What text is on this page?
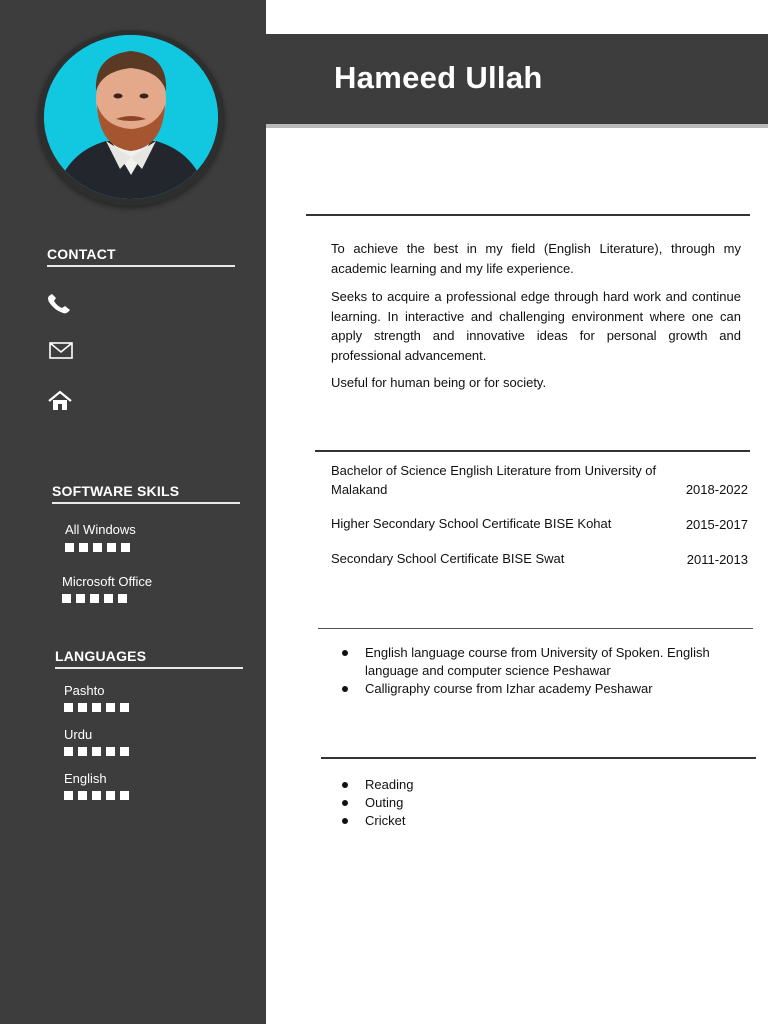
CONTACT
SOFTWARE SKILS
All Windows
Microsoft Office
LANGUAGES
Pashto
Urdu
English
Hameed Ullah

To achieve the best in my field (English Literature), through my academic learning and my life experience.

Seeks to acquire a professional edge through hard work and continue learning. In interactive and challenging environment where one can apply strength and innovative ideas for personal growth and professional advancement.

Useful for human being or for society.

Bachelor of Science English Literature from University of Malakand	2018-2022
Higher Secondary School Certificate BISE Kohat	2015-2017
Secondary School Certificate BISE Swat	2011-2013
English language course from University of Spoken. English language and computer science Peshawar
Calligraphy course from Izhar academy Peshawar
Reading
Outing
Cricket
